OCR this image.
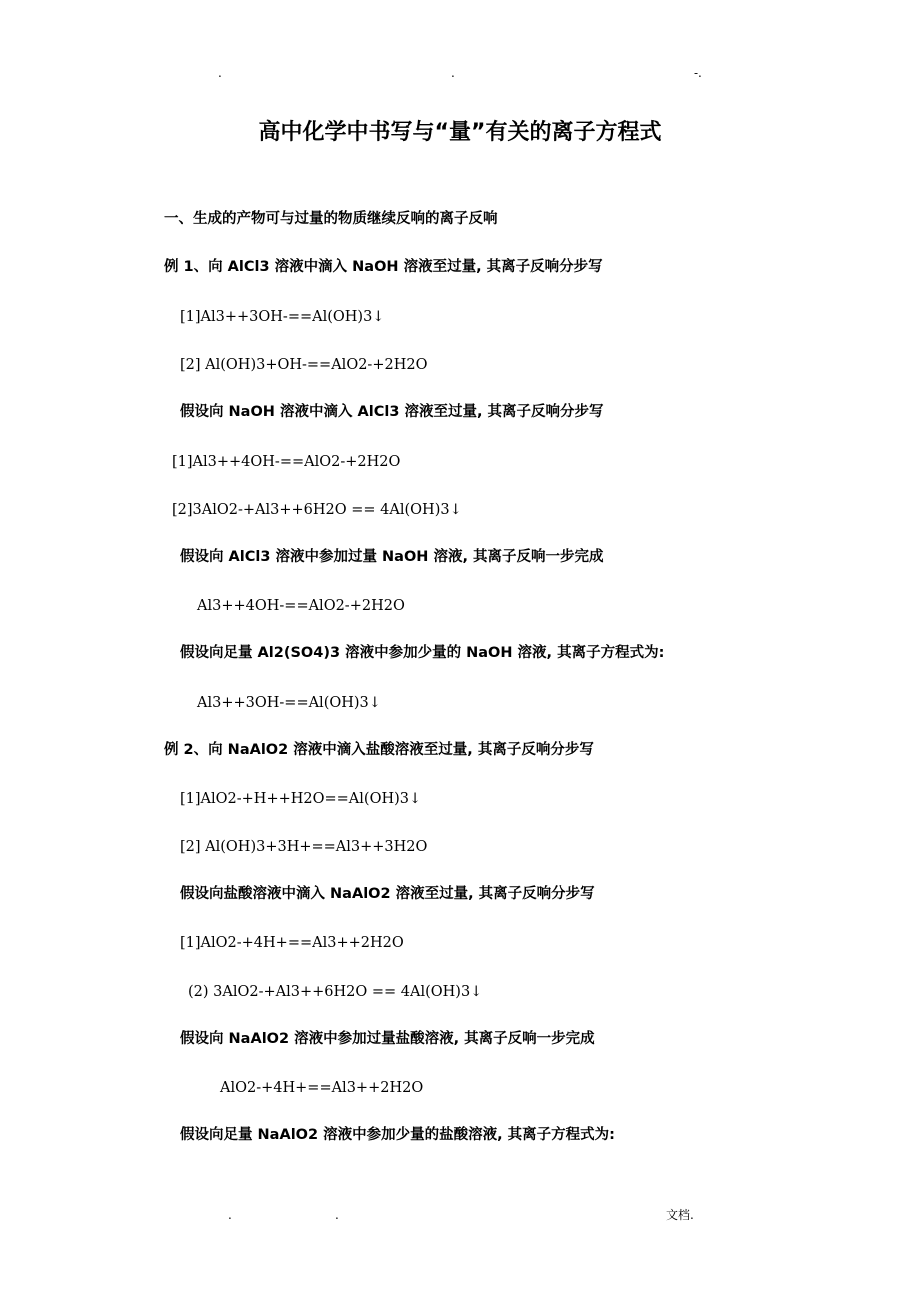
.	.	-.
高中化学中书写与“量”有关的离子方程式
一、生成的产物可与过量的物质继续反响的离子反响
例 1、向 AlCl3 溶液中滴入 NaOH 溶液至过量, 其离子反响分步写
[1]Al3++3OH-==Al(OH)3↓
[2] Al(OH)3+OH-==AlO2-+2H2O
假设向 NaOH 溶液中滴入 AlCl3 溶液至过量, 其离子反响分步写
[1]Al3++4OH-==AlO2-+2H2O
[2]3AlO2-+Al3++6H2O == 4Al(OH)3↓
假设向 AlCl3 溶液中参加过量 NaOH 溶液, 其离子反响一步完成
Al3++4OH-==AlO2-+2H2O
假设向足量 Al2(SO4)3 溶液中参加少量的 NaOH 溶液, 其离子方程式为:
Al3++3OH-==Al(OH)3↓
例 2、向 NaAlO2 溶液中滴入盐酸溶液至过量, 其离子反响分步写
[1]AlO2-+H++H2O==Al(OH)3↓
[2] Al(OH)3+3H+==Al3++3H2O
假设向盐酸溶液中滴入 NaAlO2 溶液至过量, 其离子反响分步写
[1]AlO2-+4H+==Al3++2H2O
(2) 3AlO2-+Al3++6H2O == 4Al(OH)3↓
假设向 NaAlO2 溶液中参加过量盐酸溶液, 其离子反响一步完成
AlO2-+4H+==Al3++2H2O
假设向足量 NaAlO2 溶液中参加少量的盐酸溶液, 其离子方程式为:
.	.	文档.
